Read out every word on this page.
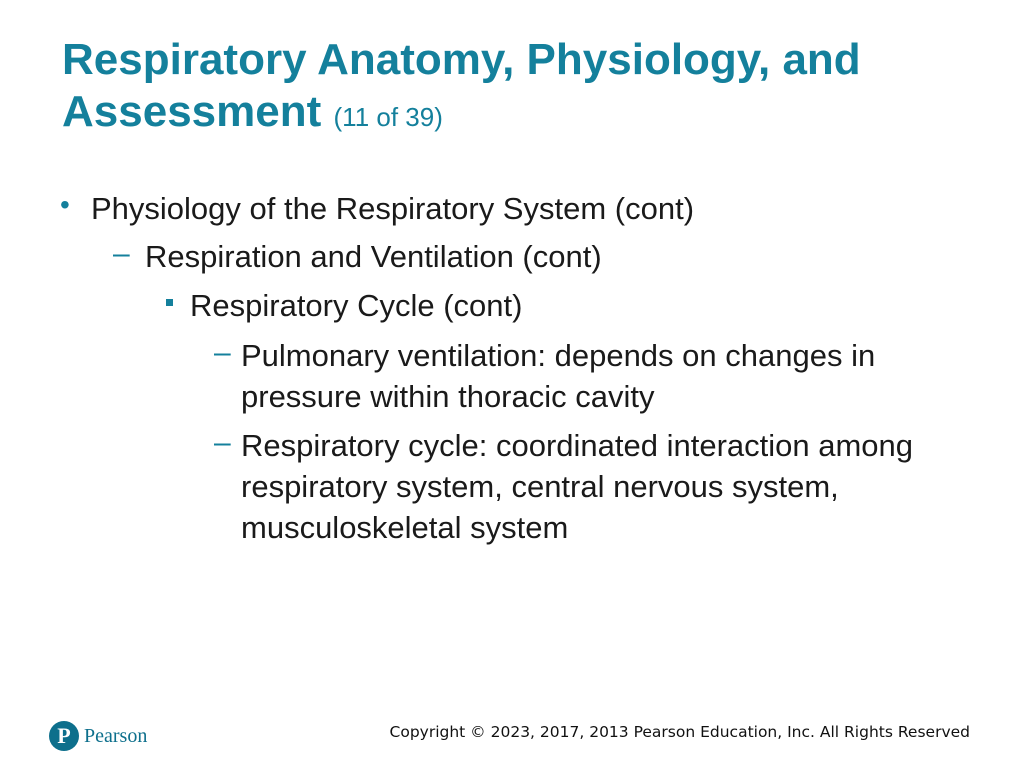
Respiratory Anatomy, Physiology, and Assessment (11 of 39)
• Physiology of the Respiratory System (cont)
– Respiration and Ventilation (cont)
Respiratory Cycle (cont)
– Pulmonary ventilation: depends on changes in pressure within thoracic cavity
– Respiratory cycle: coordinated interaction among respiratory system, central nervous system, musculoskeletal system
P Pearson	Copyright © 2023, 2017, 2013 Pearson Education, Inc. All Rights Reserved
